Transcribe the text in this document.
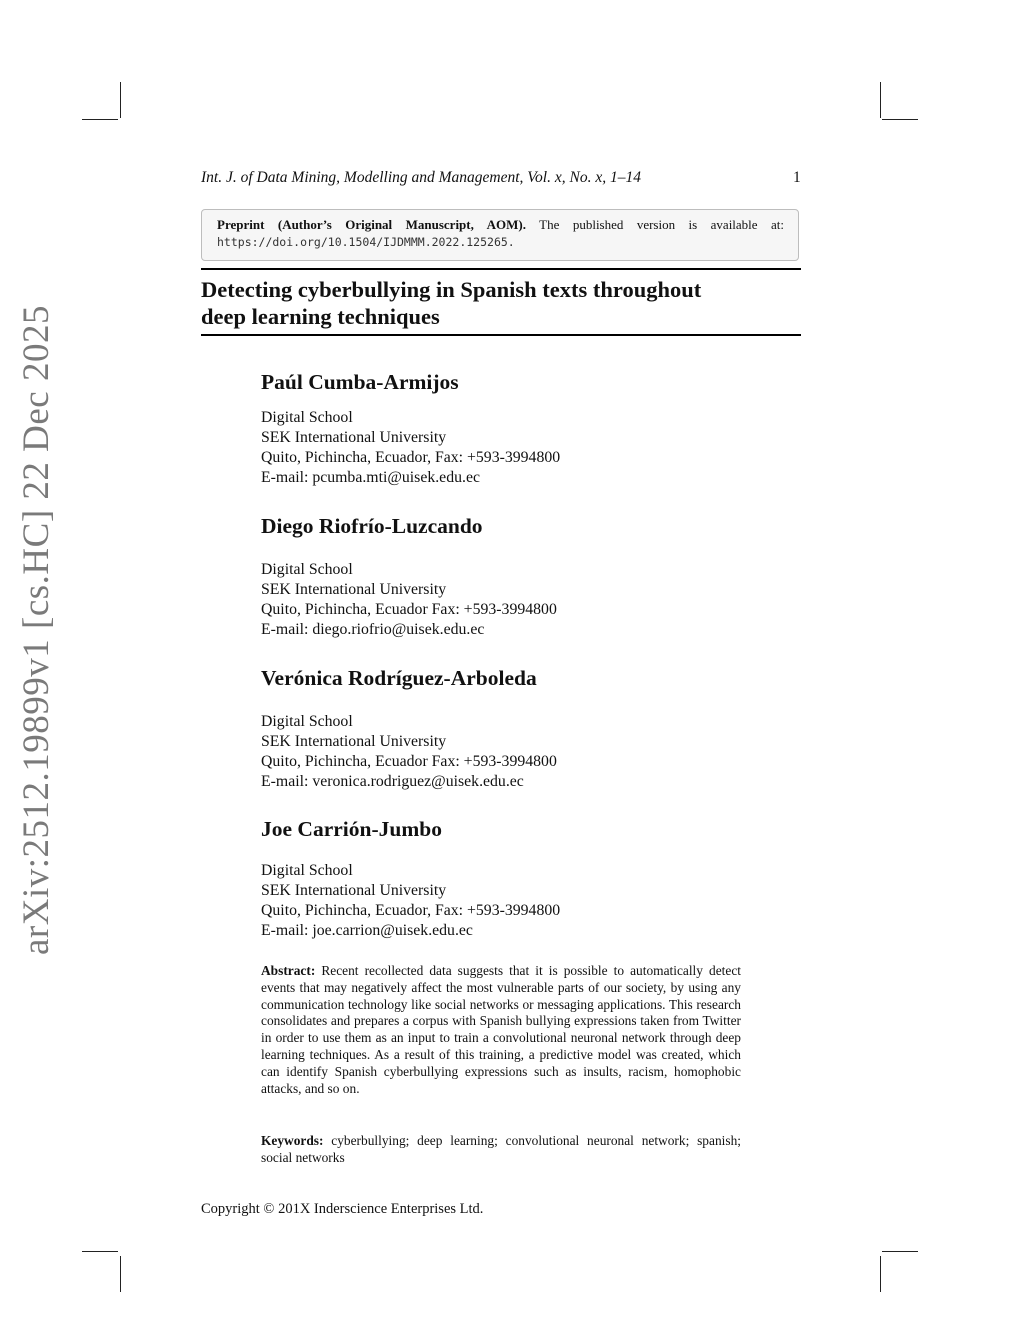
arXiv:2512.19899v1 [cs.HC] 22 Dec 2025
Int. J. of Data Mining, Modelling and Management, Vol. x, No. x, 1–14	1
Preprint (Author’s Original Manuscript, AOM). The published version is available at:
https://doi.org/10.1504/IJDMMM.2022.125265.
Detecting cyberbullying in Spanish texts throughout
deep learning techniques
Paúl Cumba-Armijos
Digital School
SEK International University
Quito, Pichincha, Ecuador, Fax: +593-3994800
E-mail: pcumba.mti@uisek.edu.ec
Diego Riofrío-Luzcando
Digital School
SEK International University
Quito, Pichincha, Ecuador Fax: +593-3994800
E-mail: diego.riofrio@uisek.edu.ec
Verónica Rodríguez-Arboleda
Digital School
SEK International University
Quito, Pichincha, Ecuador Fax: +593-3994800
E-mail: veronica.rodriguez@uisek.edu.ec
Joe Carrión-Jumbo
Digital School
SEK International University
Quito, Pichincha, Ecuador, Fax: +593-3994800
E-mail: joe.carrion@uisek.edu.ec
Abstract: Recent recollected data suggests that it is possible to automatically detect events that may negatively affect the most vulnerable parts of our society, by using any communication technology like social networks or messaging applications. This research consolidates and prepares a corpus with Spanish bullying expressions taken from Twitter in order to use them as an input to train a convolutional neuronal network through deep learning techniques. As a result of this training, a predictive model was created, which can identify Spanish cyberbullying expressions such as insults, racism, homophobic attacks, and so on.
Keywords: cyberbullying; deep learning; convolutional neuronal network; spanish; social networks
Copyright © 201X Inderscience Enterprises Ltd.
